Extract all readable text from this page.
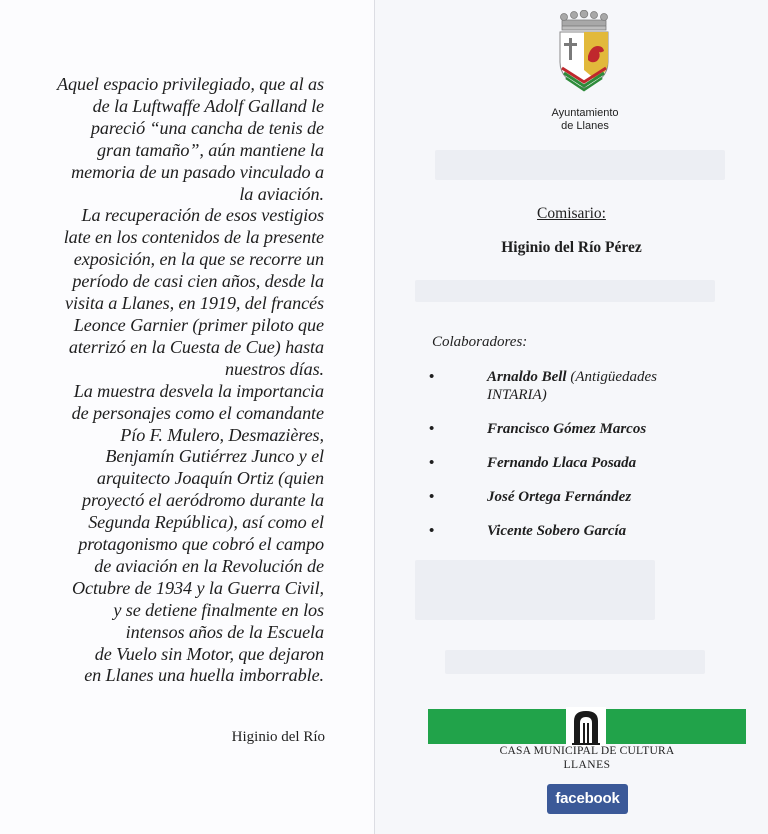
Aquel espacio privilegiado, que al as
de la Luftwaffe Adolf Galland le
pareció “una cancha de tenis de
gran tamaño”, aún mantiene la
memoria de un pasado vinculado a
la aviación.
La recuperación de esos vestigios
late en los contenidos de la presente
exposición, en la que se recorre un
período de casi cien años, desde la
visita a Llanes, en 1919, del francés
Leonce Garnier (primer piloto que
aterrizó en la Cuesta de Cue) hasta
nuestros días.
La muestra desvela la importancia
de personajes como el comandante
Pío F. Mulero, Desmazières,
Benjamín Gutiérrez Junco y el
arquitecto Joaquín Ortiz (quien
proyectó el aeródromo durante la
Segunda República), así como el
protagonismo que cobró el campo
de aviación en la Revolución de
Octubre de 1934 y la Guerra Civil,
y se detiene finalmente en los
intensos años de la Escuela
de Vuelo sin Motor, que dejaron
en Llanes una huella imborrable.

Higinio del Río
Ayuntamiento
de Llanes
Comisario:
Higinio del Río Pérez
Colaboradores:
•	Arnaldo Bell (Antigüedades
INTARIA)
•	Francisco Gómez Marcos
•	Fernando Llaca Posada
•	José Ortega Fernández
•	Vicente Sobero García
CASA MUNICIPAL DE CULTURA
LLANES
facebook
